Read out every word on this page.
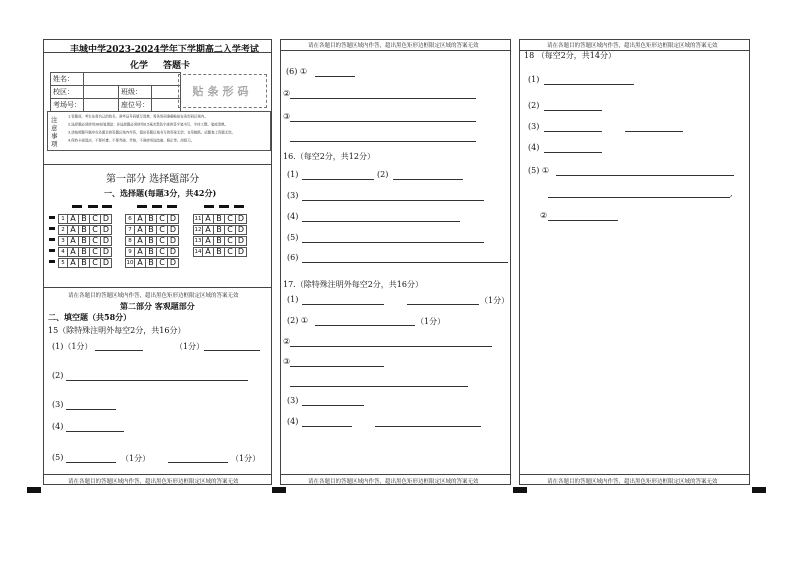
丰城中学2023-2024学年下学期高二入学考试
化学 答题卡
姓名：			
校区：		班级：	
考场号：		座位号：	
贴条形码
注
意
事
项
1.答题前，考生先将自己的姓名、准考证号码填写清楚，将条形码准确粘贴在条形码区域内。
2.选择题必须使用2B铅笔填涂；非选择题必须使用0.5毫米黑色字迹的签字笔书写，字体工整、笔迹清楚。
3.请按照题号顺序在各题目的答题区域内作答，超出答题区域书写的答案无效；在草稿纸、试题卷上答题无效。
4.保持卡面清洁，不要折叠、不要弄破、弄皱，不准使用涂改液、修正带、刮纸刀。
第一部分 选择题部分
一、选择题(每题3分，共42分)
1 A B C D
2 A B C D
3 A B C D
4 A B C D
5 A B C D
6 A B C D
7 A B C D
8 A B C D
9 A B C D
10 A B C D
11 A B C D
12 A B C D
13 A B C D
14 A B C D
请在各题目的答题区域内作答，超出黑色矩形边框限定区域的答案无效
第二部分 客观题部分
二、填空题（共58分）
15（除特殊注明外每空2分，共16分）
(1)（1分）	（1分）
(2)
(3)
(4)
(5)	（1分）	（1分）
请在各题目的答题区域内作答，超出黑色矩形边框限定区域的答案无效
请在各题目的答题区域内作答，超出黑色矩形边框限定区域的答案无效
(6) ①
②
③
16.（每空2分，共12分）
(1)	(2)
(3)
(4)
(5)
(6)
17.（除特殊注明外每空2分，共16分）
(1)	（1分）
(2) ①	（1分）
②
③
(3)
(4)
请在各题目的答题区域内作答，超出黑色矩形边框限定区域的答案无效
请在各题目的答题区域内作答，超出黑色矩形边框限定区域的答案无效
18 （每空2分，共14分）
(1)
(2)
(3)
(4)
(5) ①
,
②
请在各题目的答题区域内作答，超出黑色矩形边框限定区域的答案无效
